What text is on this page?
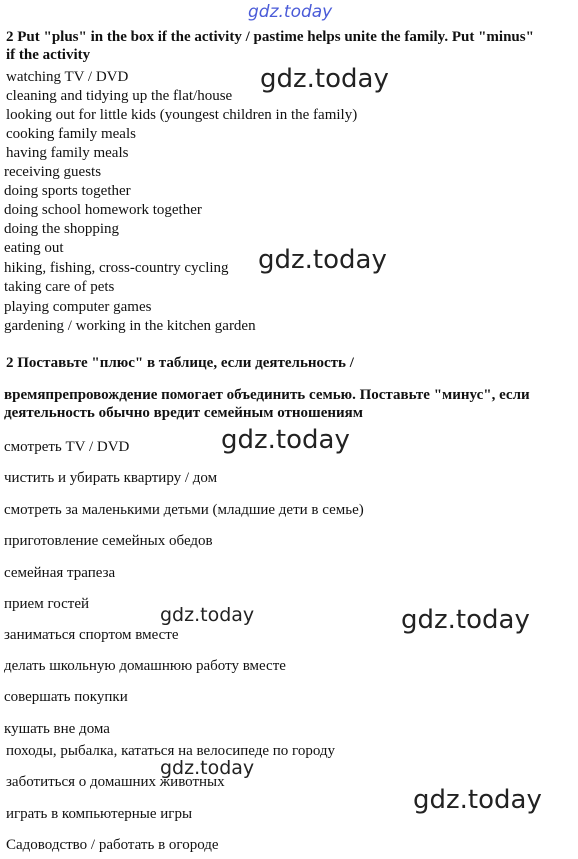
gdz.today
gdz.today
gdz.today
gdz.today
gdz.today	gdz.today
gdz.today
gdz.today
2 Put "plus" in the box if the activity / pastime helps unite the family. Put "minus" if the activity
watching TV / DVD
cleaning and tidying up the flat/house
looking out for little kids (youngest children in the family)
cooking family meals
having family meals
receiving guests
doing sports together
doing school homework together
doing the shopping
eating out
hiking, fishing, cross-country cycling
taking care of pets
playing computer games
gardening / working in the kitchen garden
2 Поставьте "плюс" в таблице, если деятельность /
времяпрепровождение помогает объединить семью. Поставьте "минус", если деятельность обычно вредит семейным отношениям
смотреть TV / DVD
чистить и убирать квартиру / дом
смотреть за маленькими детьми (младшие дети в семье)
приготовление семейных обедов
семейная трапеза
прием гостей
заниматься спортом вместе
делать школьную домашнюю работу вместе
совершать покупки
кушать вне дома
походы, рыбалка, кататься на велосипеде по городу
заботиться о домашних животных
играть в компьютерные игры
Садоводство / работать в огороде
